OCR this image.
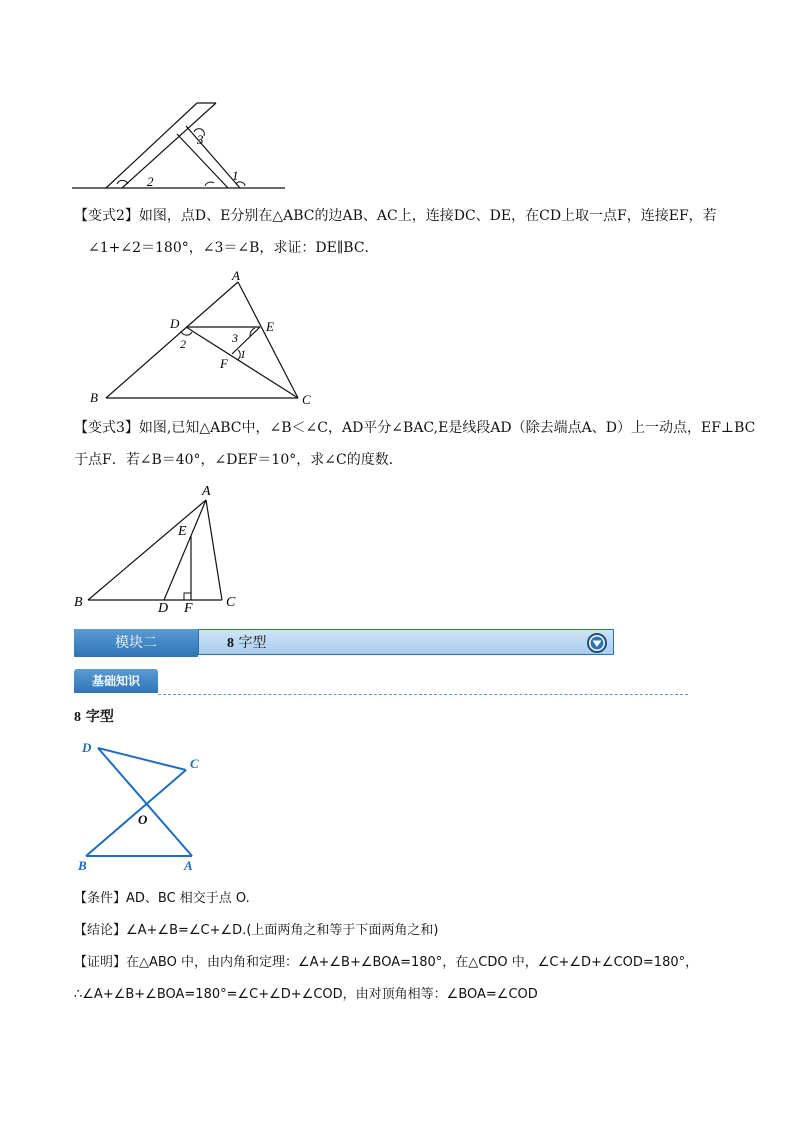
2
3
1
【变式2】如图，点D、E分别在△ABC的边AB、AC上，连接DC、DE，在CD上取一点F，连接EF，若
∠1+∠2＝180°，∠3＝∠B，求证：DE∥BC．
A
B	C
D	E
F
1
2	3
【变式3】如图,已知△ABC中，∠B＜∠C，AD平分∠BAC,E是线段AD（除去端点A、D）上一动点，EF⊥BC
于点F．若∠B＝40°，∠DEF＝10°，求∠C的度数．
A
B	C
D
E
F
模块二	8 字型
基础知识
8 字型
D
C
O
B	A
【条件】AD、BC 相交于点 O.
【结论】∠A+∠B=∠C+∠D.(上面两角之和等于下面两角之和)
【证明】在△ABO 中，由内角和定理：∠A+∠B+∠BOA=180°，在△CDO 中，∠C+∠D+∠COD=180°，
∴∠A+∠B+∠BOA=180°=∠C+∠D+∠COD，由对顶角相等：∠BOA=∠COD
